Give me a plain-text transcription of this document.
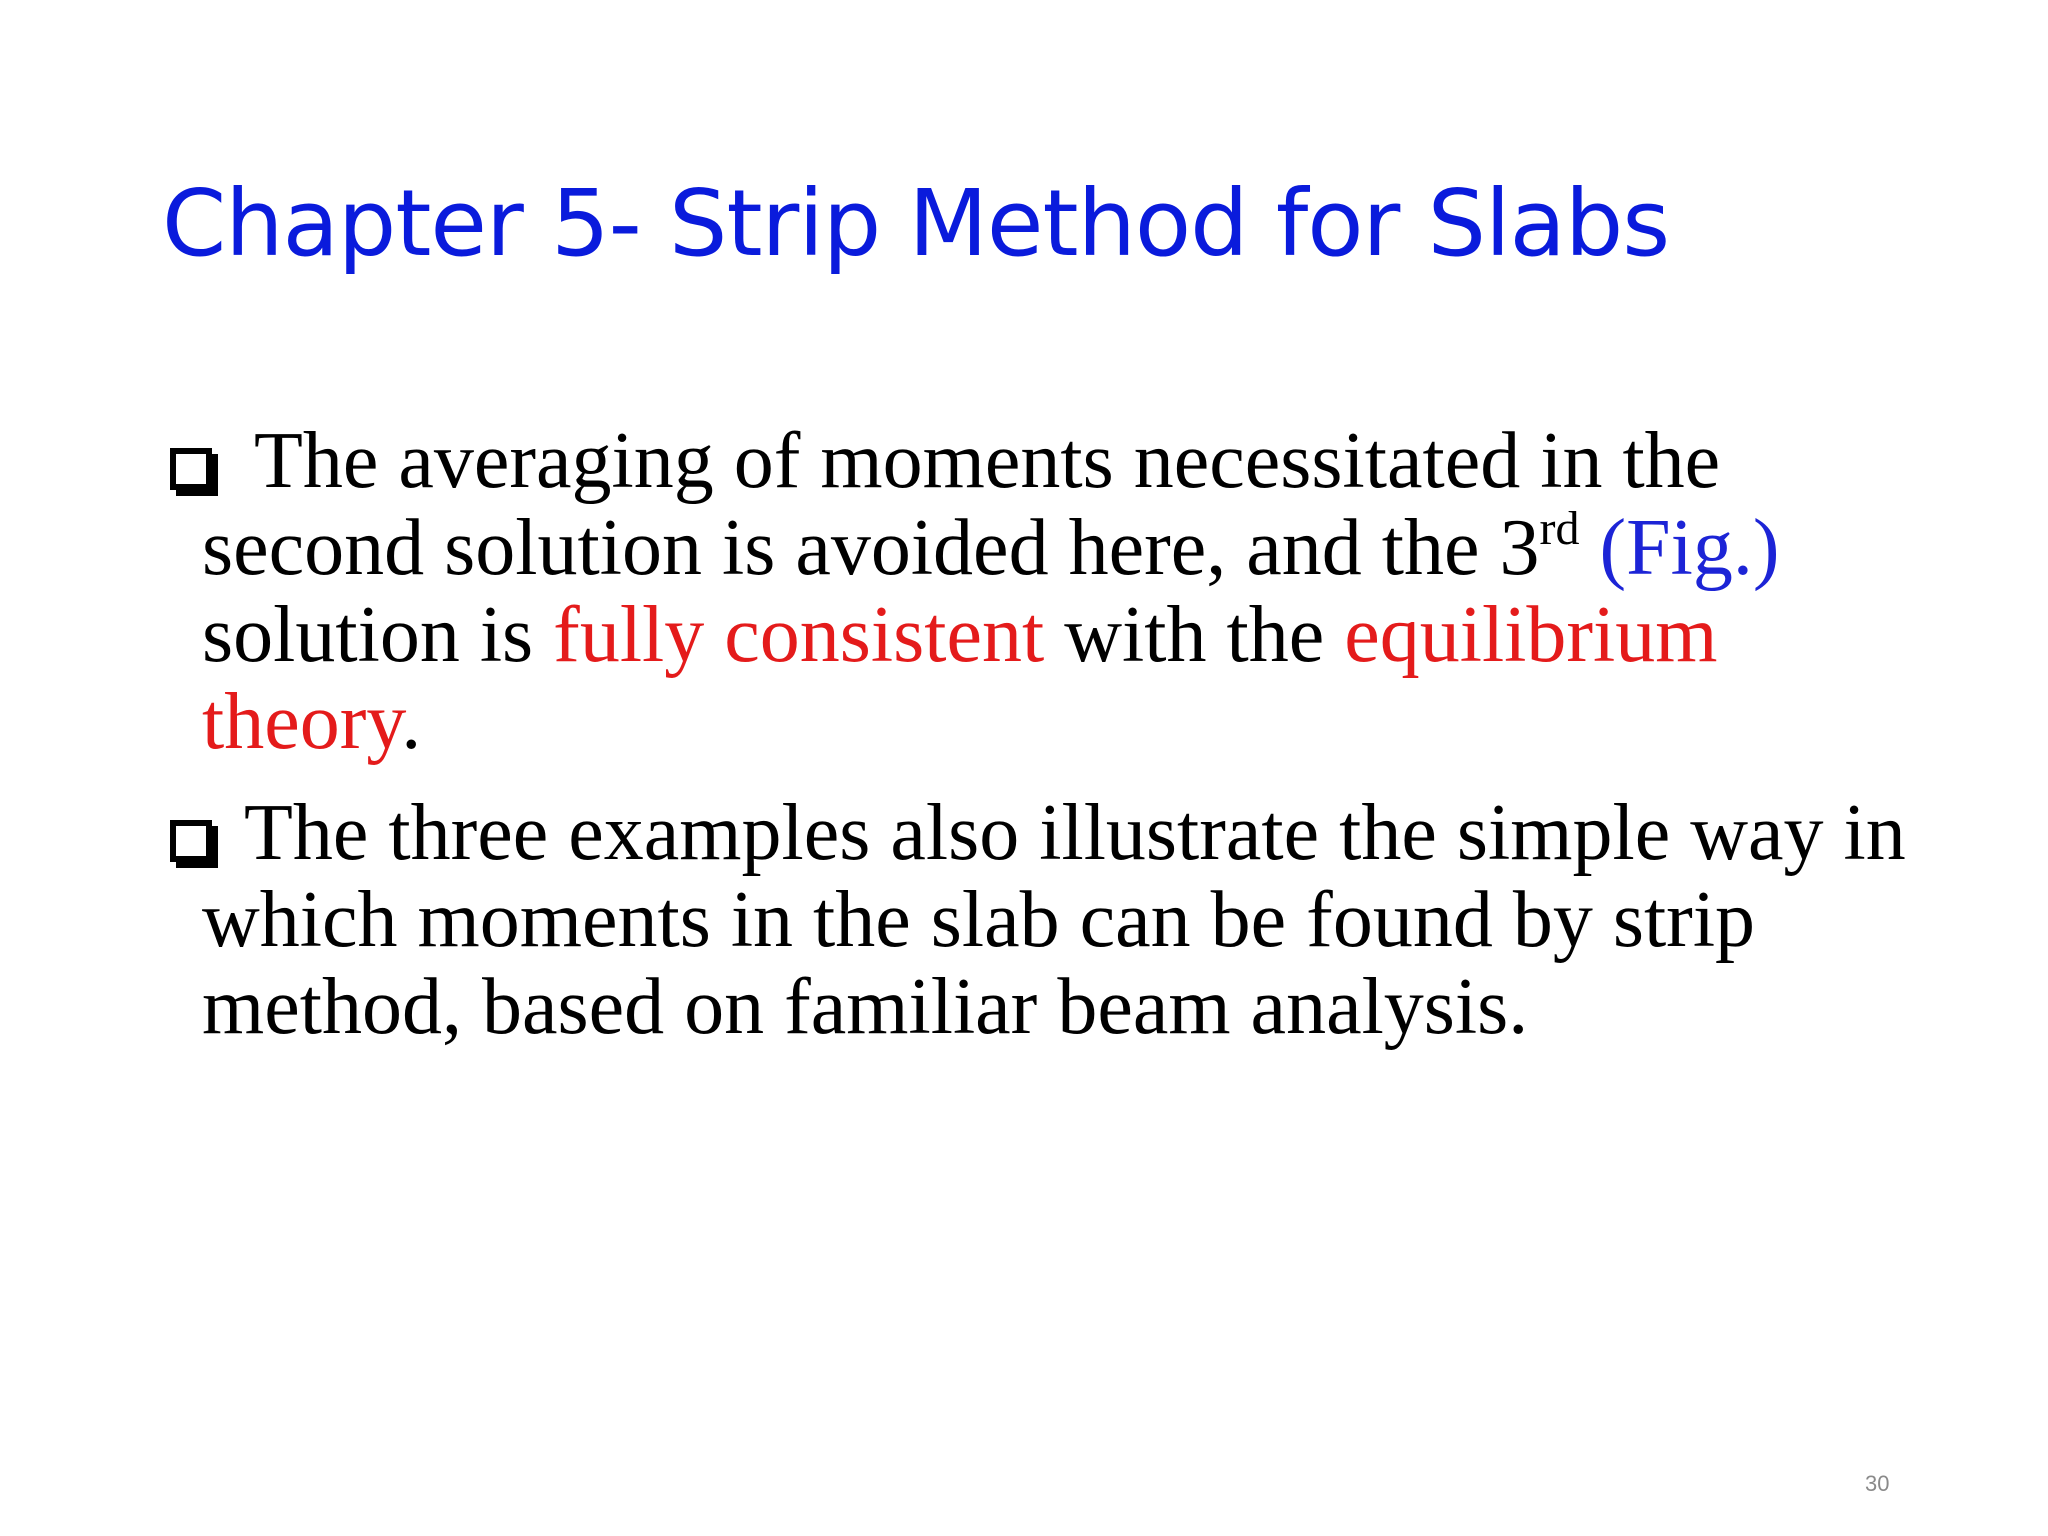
Chapter 5- Strip Method for Slabs
The averaging of moments necessitated in the second solution is avoided here, and the 3rd (Fig.) solution is fully consistent with the equilibrium theory.
The three examples also illustrate the simple way in which moments in the slab can be found by strip method, based on familiar beam analysis.
30
